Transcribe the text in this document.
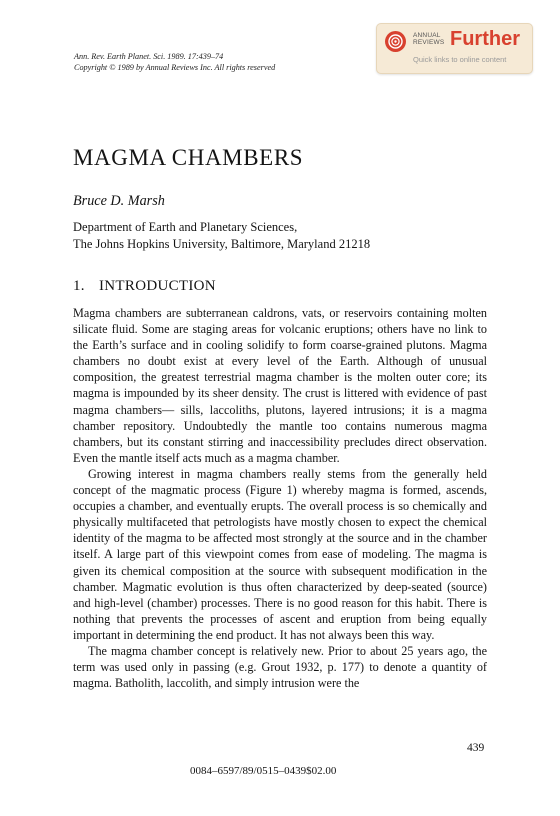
Ann. Rev. Earth Planet. Sci. 1989. 17:439–74
Copyright © 1989 by Annual Reviews Inc. All rights reserved
ANNUAL
REVIEWS Further
Quick links to online content
MAGMA CHAMBERS
Bruce D. Marsh
Department of Earth and Planetary Sciences,
The Johns Hopkins University, Baltimore, Maryland 21218
1. INTRODUCTION

Magma chambers are subterranean caldrons, vats, or reservoirs containing molten silicate fluid. Some are staging areas for volcanic eruptions; others have no link to the Earth’s surface and in cooling solidify to form coarse-grained plutons. Magma chambers no doubt exist at every level of the Earth. Although of unusual composition, the greatest terrestrial magma chamber is the molten outer core; its magma is impounded by its sheer density. The crust is littered with evidence of past magma chambers— sills, laccoliths, plutons, layered intrusions; it is a magma chamber repository. Undoubtedly the mantle too contains numerous magma chambers, but its constant stirring and inaccessibility precludes direct observation. Even the mantle itself acts much as a magma chamber.

Growing interest in magma chambers really stems from the generally held concept of the magmatic process (Figure 1) whereby magma is formed, ascends, occupies a chamber, and eventually erupts. The overall process is so chemically and physically multifaceted that petrologists have mostly chosen to expect the chemical identity of the magma to be affected most strongly at the source and in the chamber itself. A large part of this viewpoint comes from ease of modeling. The magma is given its chemical composition at the source with subsequent modification in the chamber. Magmatic evolution is thus often characterized by deep-seated (source) and high-level (chamber) processes. There is no good reason for this habit. There is nothing that prevents the processes of ascent and eruption from being equally important in determining the end product. It has not always been this way.

The magma chamber concept is relatively new. Prior to about 25 years ago, the term was used only in passing (e.g. Grout 1932, p. 177) to denote a quantity of magma. Batholith, laccolith, and simply intrusion were the

439
0084–6597/89/0515–0439$02.00
